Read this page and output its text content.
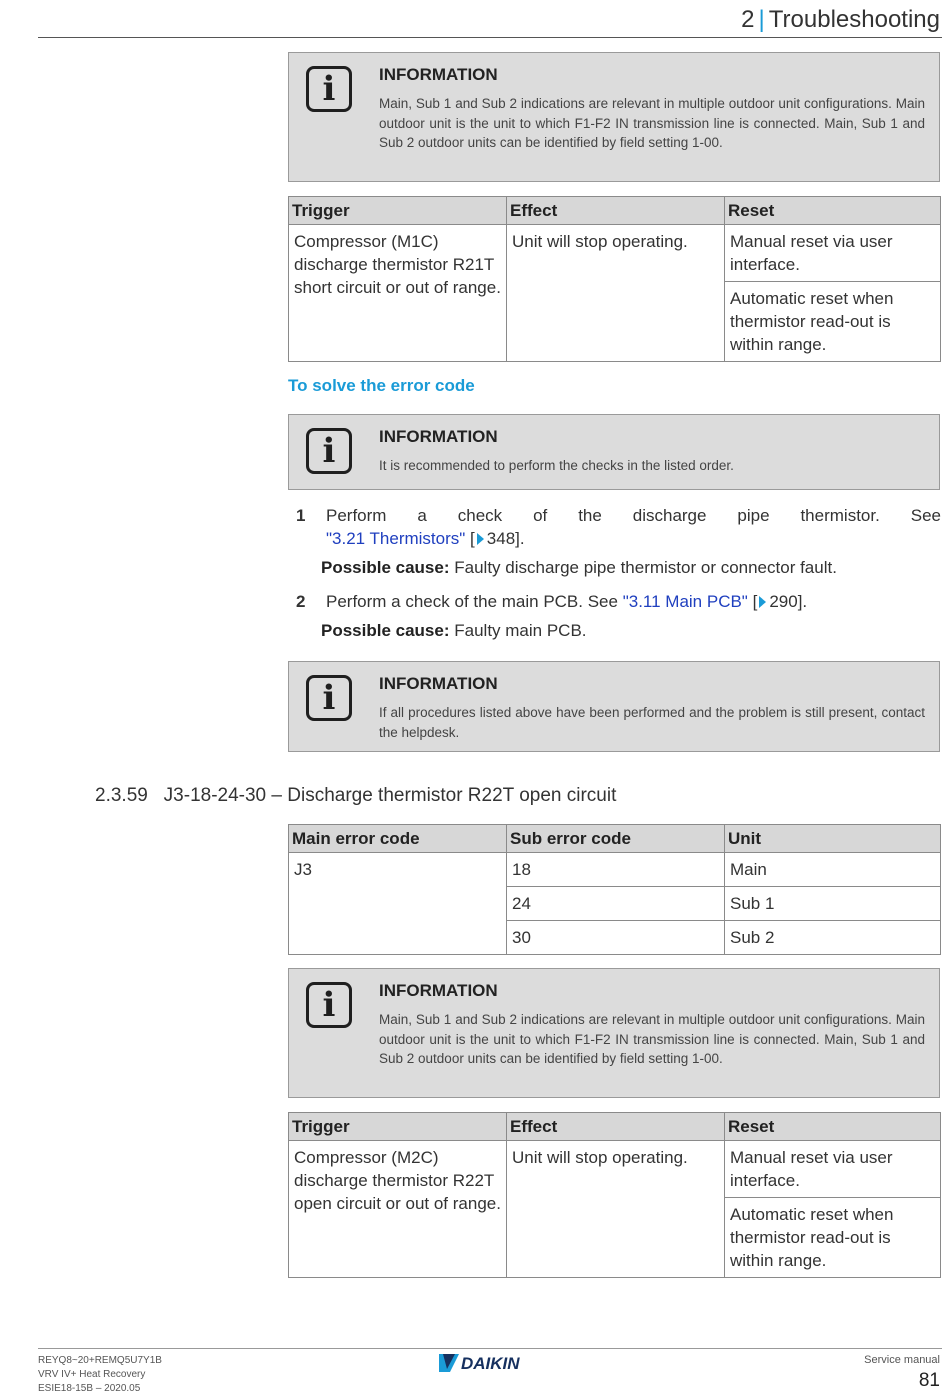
2 | Troubleshooting
i	INFORMATION
Main, Sub 1 and Sub 2 indications are relevant in multiple outdoor unit configurations. Main outdoor unit is the unit to which F1-F2 IN transmission line is connected. Main, Sub 1 and Sub 2 outdoor units can be identified by field setting 1-00.
Trigger	Effect	Reset
Compressor (M1C) discharge thermistor R21T short circuit or out of range.	Unit will stop operating.	Manual reset via user interface.
		Automatic reset when thermistor read-out is within range.
To solve the error code
i	INFORMATION
It is recommended to perform the checks in the listed order.
1	Perform a check of the discharge pipe thermistor. See
"3.21 Thermistors" [ 348].
Possible cause: Faulty discharge pipe thermistor or connector fault.
2 Perform a check of the main PCB. See "3.11 Main PCB" [ 290].
Possible cause: Faulty main PCB.
i	INFORMATION
If all procedures listed above have been performed and the problem is still present, contact the helpdesk.
2.3.59 J3-18-24-30 – Discharge thermistor R22T open circuit
Main error code	Sub error code	Unit
J3	18	Main
	24	Sub 1
	30	Sub 2
i	INFORMATION
Main, Sub 1 and Sub 2 indications are relevant in multiple outdoor unit configurations. Main outdoor unit is the unit to which F1-F2 IN transmission line is connected. Main, Sub 1 and Sub 2 outdoor units can be identified by field setting 1-00.
Trigger	Effect	Reset
Compressor (M2C) discharge thermistor R22T open circuit or out of range.	Unit will stop operating.	Manual reset via user interface.
		Automatic reset when thermistor read-out is within range.
REYQ8~20+REMQ5U7Y1B
VRV IV+ Heat Recovery
ESIE18-15B – 2020.05
DAIKIN	Service manual
81
